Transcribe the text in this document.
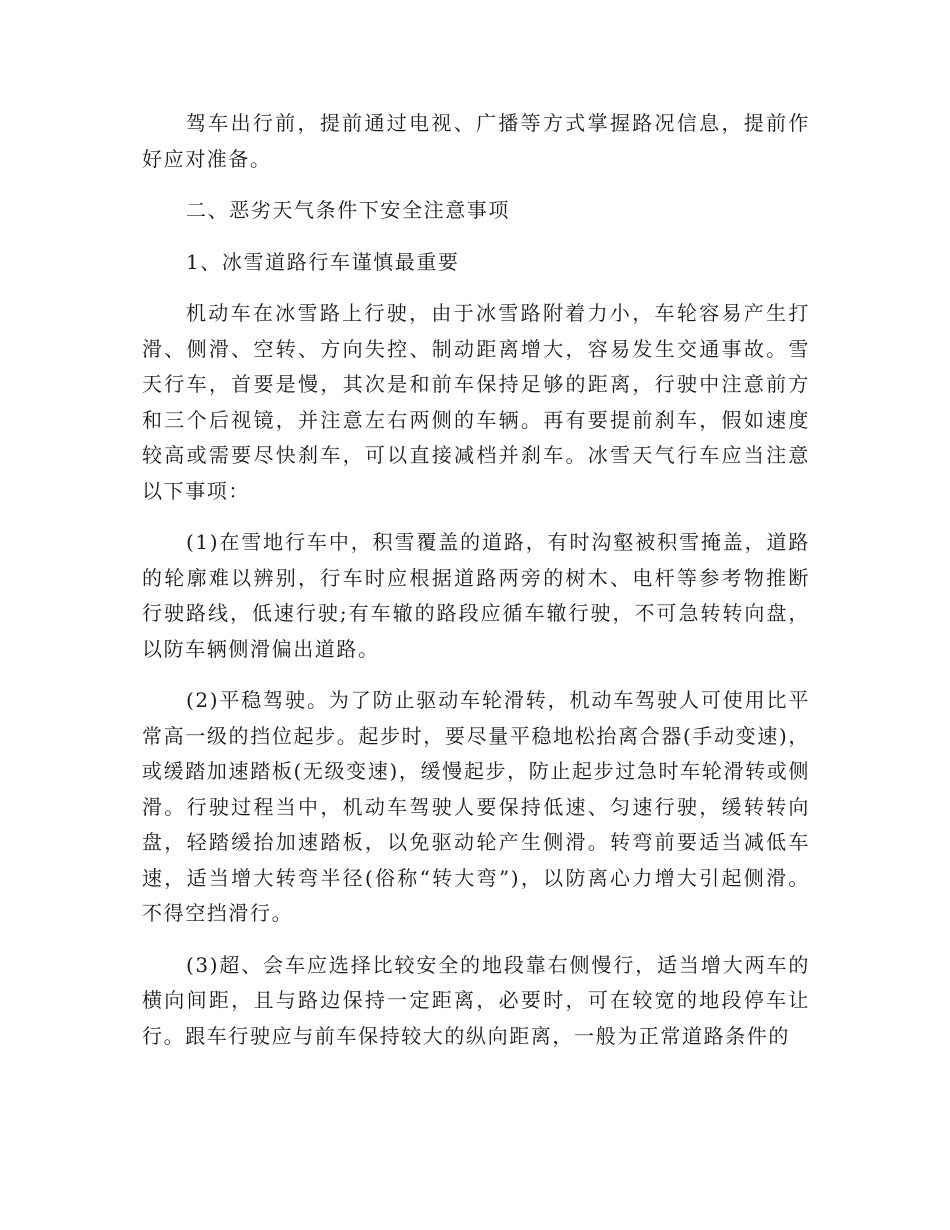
驾车出行前，提前通过电视、广播等方式掌握路况信息，提前作好应对准备。

二、恶劣天气条件下安全注意事项

1、冰雪道路行车谨慎最重要

机动车在冰雪路上行驶，由于冰雪路附着力小，车轮容易产生打滑、侧滑、空转、方向失控、制动距离增大，容易发生交通事故。雪天行车，首要是慢，其次是和前车保持足够的距离，行驶中注意前方和三个后视镜，并注意左右两侧的车辆。再有要提前刹车，假如速度较高或需要尽快刹车，可以直接减档并刹车。冰雪天气行车应当注意以下事项：

(1)在雪地行车中，积雪覆盖的道路，有时沟壑被积雪掩盖，道路的轮廓难以辨别，行车时应根据道路两旁的树木、电杆等参考物推断行驶路线，低速行驶;有车辙的路段应循车辙行驶，不可急转转向盘，以防车辆侧滑偏出道路。

(2)平稳驾驶。为了防止驱动车轮滑转，机动车驾驶人可使用比平常高一级的挡位起步。起步时，要尽量平稳地松抬离合器(手动变速)，或缓踏加速踏板(无级变速)，缓慢起步，防止起步过急时车轮滑转或侧滑。行驶过程当中，机动车驾驶人要保持低速、匀速行驶，缓转转向盘，轻踏缓抬加速踏板，以免驱动轮产生侧滑。转弯前要适当减低车速，适当增大转弯半径(俗称“转大弯”)，以防离心力增大引起侧滑。不得空挡滑行。

(3)超、会车应选择比较安全的地段靠右侧慢行，适当增大两车的横向间距，且与路边保持一定距离，必要时，可在较宽的地段停车让行。跟车行驶应与前车保持较大的纵向距离，一般为正常道路条件的
